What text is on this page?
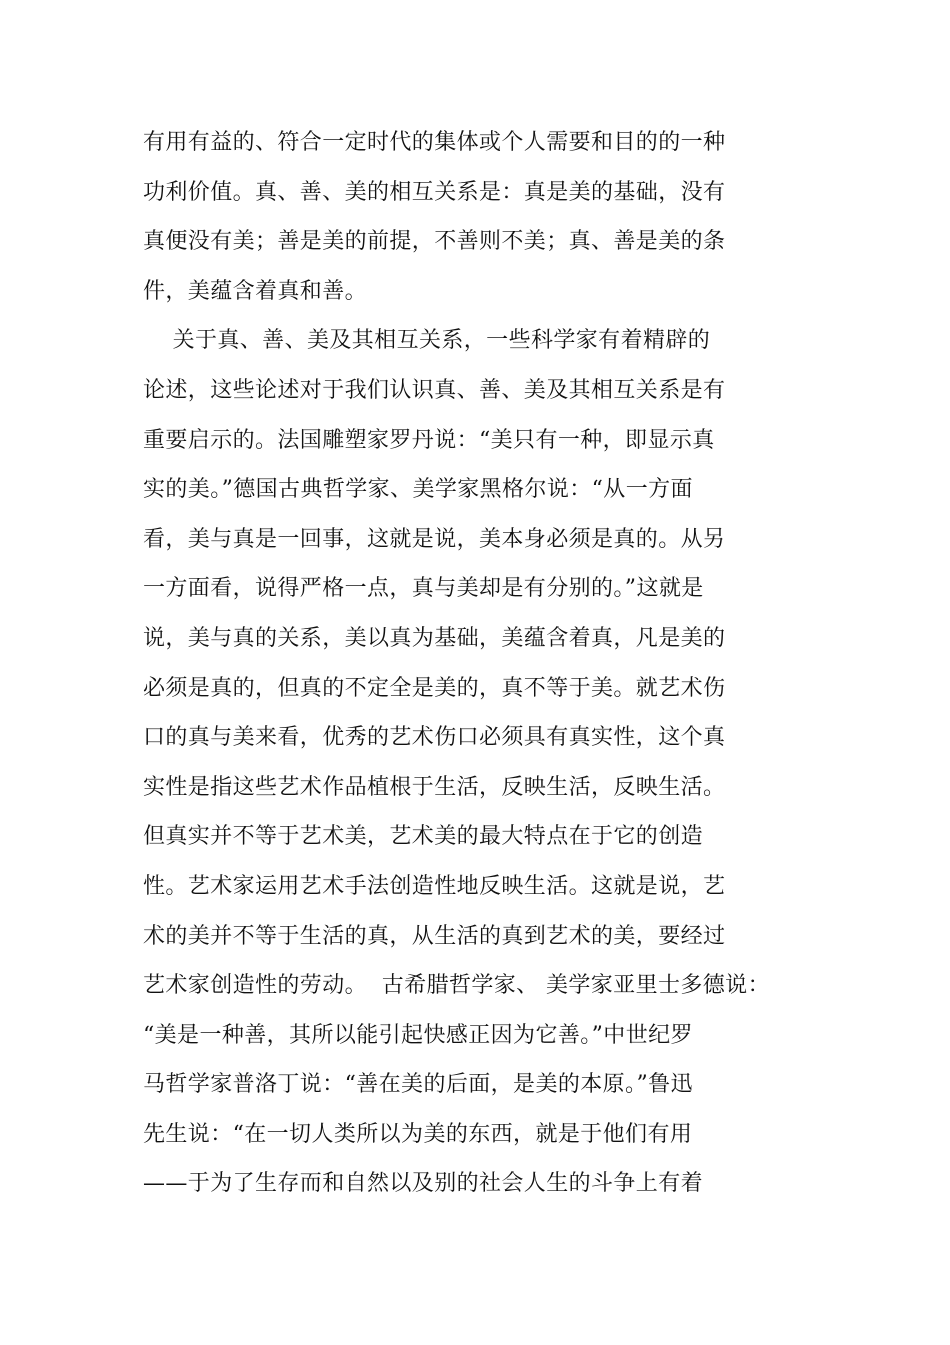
有用有益的、符合一定时代的集体或个人需要和目的的一种
功利价值。真、善、美的相互关系是：真是美的基础，没有
真便没有美；善是美的前提，不善则不美；真、善是美的条
件，美蕴含着真和善。
关于真、善、美及其相互关系，一些科学家有着精辟的
论述，这些论述对于我们认识真、善、美及其相互关系是有
重要启示的。法国雕塑家罗丹说：“美只有一种，即显示真
实的美。”德国古典哲学家、美学家黑格尔说：“从一方面
看，美与真是一回事，这就是说，美本身必须是真的。从另
一方面看，说得严格一点，真与美却是有分别的。”这就是
说，美与真的关系，美以真为基础，美蕴含着真，凡是美的
必须是真的，但真的不定全是美的，真不等于美。就艺术伤
口的真与美来看，优秀的艺术伤口必须具有真实性，这个真
实性是指这些艺术作品植根于生活，反映生活，反映生活。
但真实并不等于艺术美，艺术美的最大特点在于它的创造
性。艺术家运用艺术手法创造性地反映生活。这就是说，艺
术的美并不等于生活的真，从生活的真到艺术的美，要经过
艺术家创造性的劳动。  古希腊哲学家、 美学家亚里士多德说：
“美是一种善，其所以能引起快感正因为它善。”中世纪罗
马哲学家普洛丁说：“善在美的后面，是美的本原。”鲁迅
先生说：“在一切人类所以为美的东西，就是于他们有用
——于为了生存而和自然以及别的社会人生的斗争上有着
